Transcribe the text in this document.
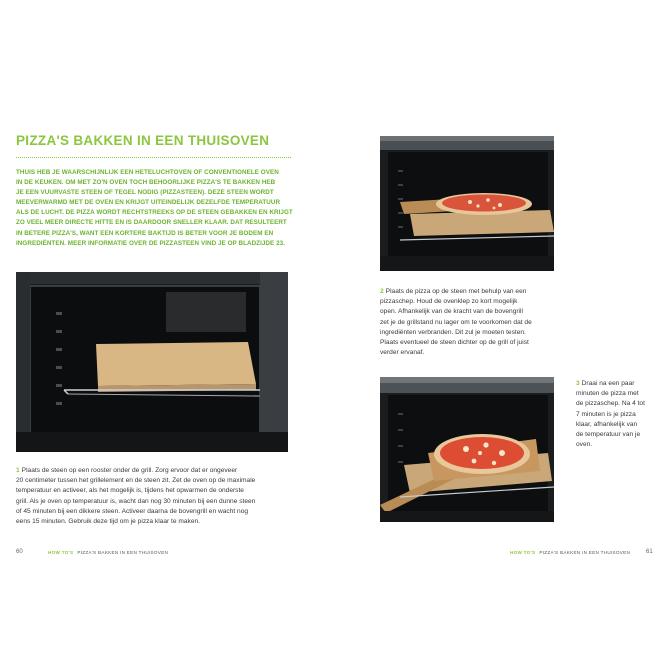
PIZZA'S BAKKEN IN EEN THUISOVEN
THUIS HEB JE WAARSCHIJNLIJK EEN HETELUCHTOVEN OF CONVENTIONELE OVEN
IN DE KEUKEN. OM MET ZO'N OVEN TOCH BEHOORLIJKE PIZZA'S TE BAKKEN HEB
JE EEN VUURVASTE STEEN OF TEGEL NODIG (PIZZASTEEN). DEZE STEEN WORDT
MEEVERWARMD MET DE OVEN EN KRIJGT UITEINDELIJK DEZELFDE TEMPERATUUR
ALS DE LUCHT. DE PIZZA WORDT RECHTSTREEKS OP DE STEEN GEBAKKEN EN KRIJGT
ZO VEEL MEER DIRECTE HITTE EN IS DAARDOOR SNELLER KLAAR. DAT RESULTEERT
IN BETERE PIZZA'S, WANT EEN KORTERE BAKTIJD IS BETER VOOR JE BODEM EN
INGREDIËNTEN. MEER INFORMATIE OVER DE PIZZASTEEN VIND JE OP BLADZIJDE 23.
1 Plaats de steen op een rooster onder de grill. Zorg ervoor dat er ongeveer
20 centimeter tussen het grillelement en de steen zit. Zet de oven op de maximale
temperatuur en activeer, als het mogelijk is, tijdens het opwarmen de onderste
grill. Als je oven op temperatuur is, wacht dan nog 30 minuten bij een dunne steen
of 45 minuten bij een dikkere steen. Activeer daarna de bovengrill en wacht nog
eens 15 minuten. Gebruik deze tijd om je pizza klaar te maken.
60	HOW TO'S PIZZA'S BAKKEN IN EEN THUISOVEN
2 Plaats de pizza op de steen met behulp van een
pizzaschep. Houd de ovenklep zo kort mogelijk
open. Afhankelijk van de kracht van de bovengrill
zet je de grillstand nu lager om te voorkomen dat de
ingrediënten verbranden. Dit zul je moeten testen.
Plaats eventueel de steen dichter op de grill of juist
verder ervanaf.
3 Draai na een paar
minuten de pizza met
de pizzaschep. Na 4 tot
7 minuten is je pizza
klaar, afhankelijk van
de temperatuur van je
oven.
HOW TO'S PIZZA'S BAKKEN IN EEN THUISOVEN	61
